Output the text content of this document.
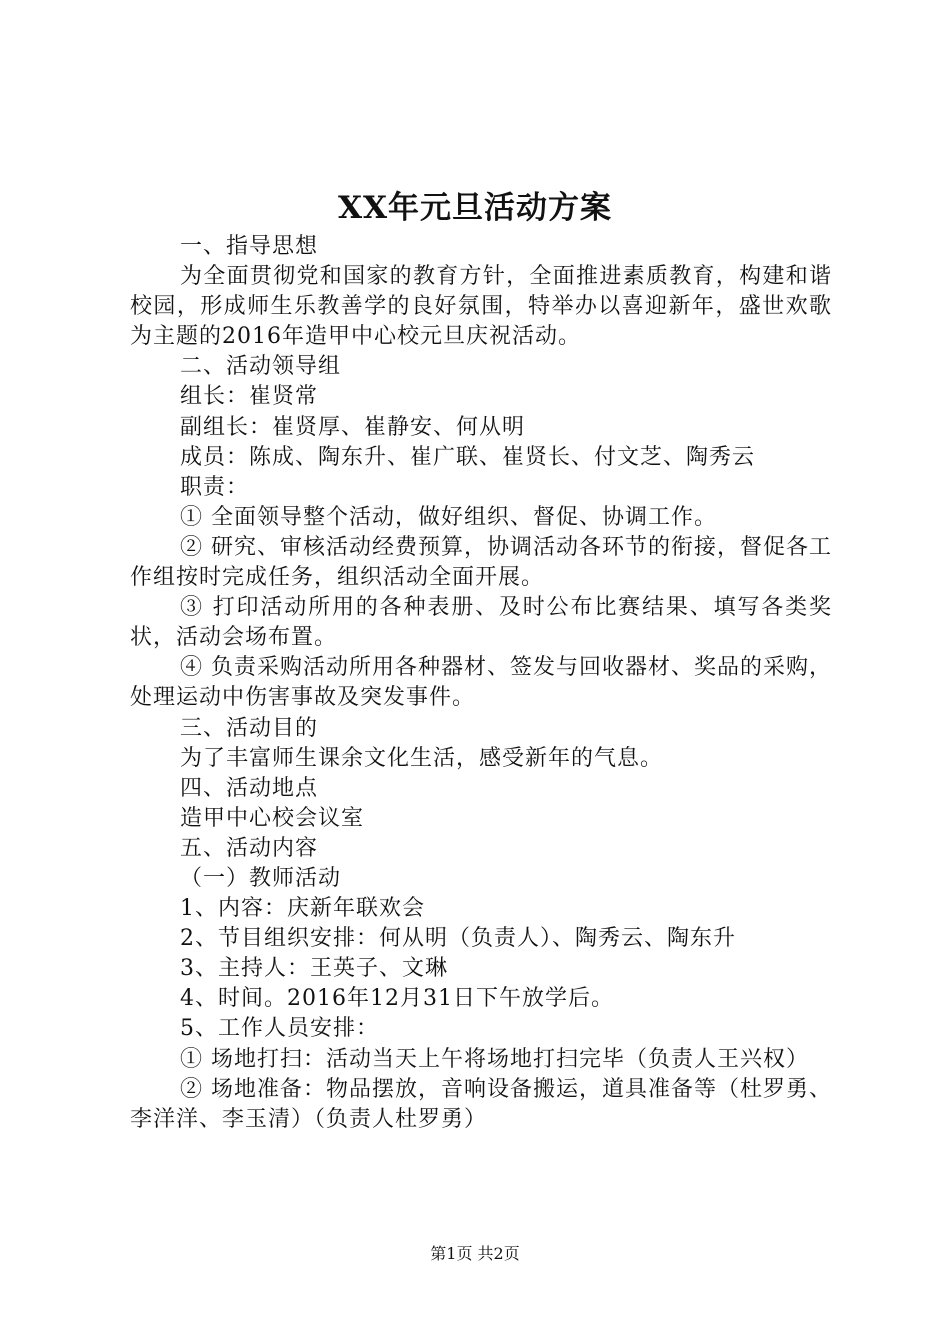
XX年元旦活动方案

一、指导思想

为全面贯彻党和国家的教育方针，全面推进素质教育，构建和谐校园，形成师生乐教善学的良好氛围，特举办以喜迎新年，盛世欢歌为主题的2016年造甲中心校元旦庆祝活动。

二、活动领导组

组长：崔贤常

副组长：崔贤厚、崔静安、何从明

成员：陈成、陶东升、崔广联、崔贤长、付文芝、陶秀云

职责：

① 全面领导整个活动，做好组织、督促、协调工作。

② 研究、审核活动经费预算，协调活动各环节的衔接，督促各工作组按时完成任务，组织活动全面开展。

③ 打印活动所用的各种表册、及时公布比赛结果、填写各类奖状，活动会场布置。

④ 负责采购活动所用各种器材、签发与回收器材、奖品的采购，处理运动中伤害事故及突发事件。

三、活动目的

为了丰富师生课余文化生活，感受新年的气息。

四、活动地点

造甲中心校会议室

五、活动内容

（一）教师活动

1、内容：庆新年联欢会

2、节目组织安排：何从明（负责人）、陶秀云、陶东升

3、主持人：王英子、文琳

4、时间。2016年12月31日下午放学后。

5、工作人员安排：

① 场地打扫：活动当天上午将场地打扫完毕（负责人王兴权）

② 场地准备：物品摆放，音响设备搬运，道具准备等（杜罗勇、李洋洋、李玉清）（负责人杜罗勇）

第1页 共2页
